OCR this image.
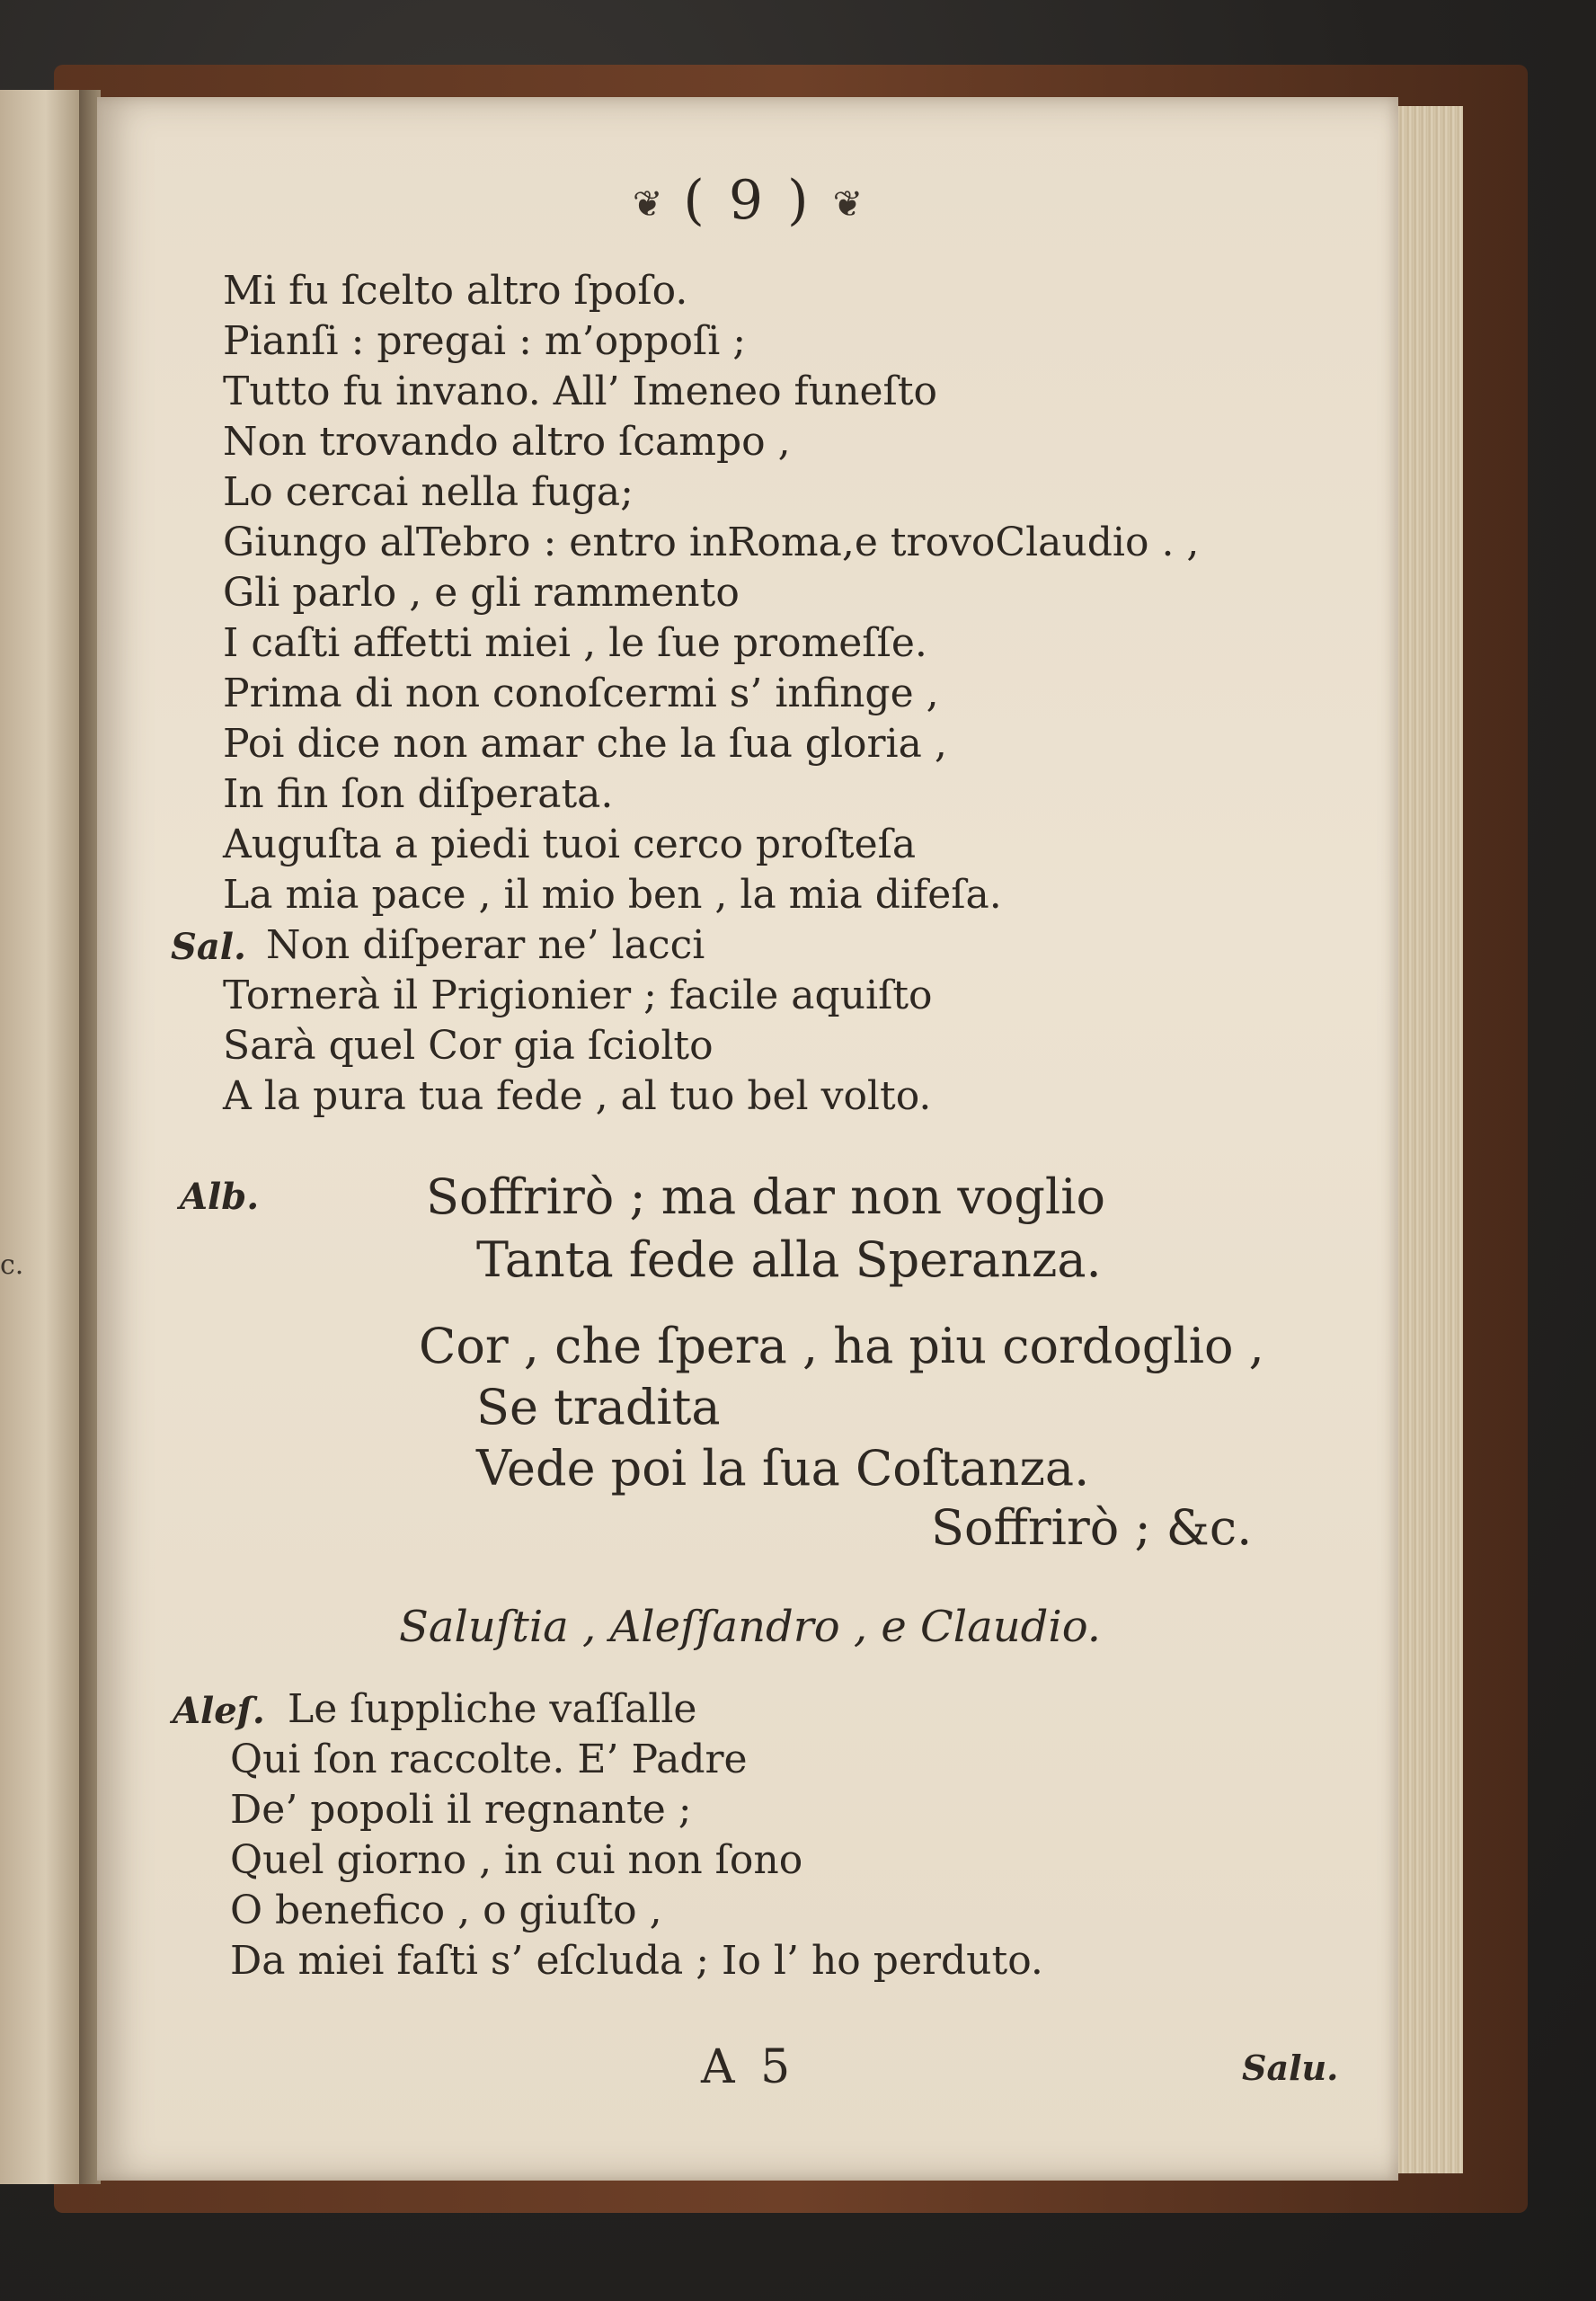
c.
❦ ( 9 ) ❦
Mi fu ſcelto altro ſpoſo.
Pianſi : pregai : m’oppoſi ;
Tutto fu invano. All’ Imeneo funeſto
Non trovando altro ſcampo ,
Lo cercai nella fuga;
Giungo alTebro : entro inRoma,e trovoClaudio . ,
Gli parlo , e gli rammento
I caſti affetti miei , le ſue promeſſe.
Prima di non conoſcermi s’ infinge ,
Poi dice non amar che la ſua gloria ,
In fin ſon diſperata.
Auguſta a piedi tuoi cerco proſteſa
La mia pace , il mio ben , la mia difeſa.
Sal. Non diſperar ne’ lacci
Tornerà il Prigionier ; facile aquiſto
Sarà quel Cor gia ſciolto
A la pura tua fede , al tuo bel volto.
Alb.	Soffrirò ; ma dar non voglio
Tanta fede alla Speranza.
Cor , che ſpera , ha piu cordoglio ,
Se tradita
Vede poi la ſua Coſtanza.
Soffrirò ; &c.
Saluſtia , Aleſſandro , e Claudio.
Aleſ. Le ſuppliche vaſſalle
Qui ſon raccolte. E’ Padre
De’ popoli il regnante ;
Quel giorno , in cui non ſono
O benefico , o giuſto ,
Da miei faſti s’ eſcluda ; Io l’ ho perduto.
A 5	Salu.
